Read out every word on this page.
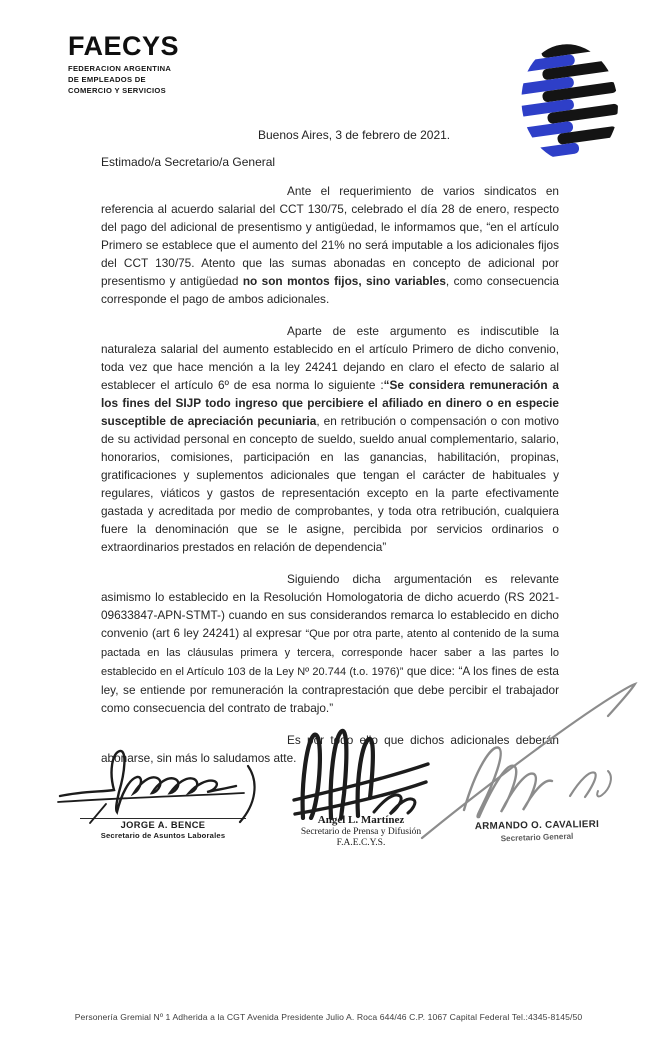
FAECYS
FEDERACION ARGENTINA
DE EMPLEADOS DE
COMERCIO Y SERVICIOS
Buenos Aires, 3 de febrero de 2021.
Estimado/a Secretario/a General

Ante el requerimiento de varios sindicatos en referencia al acuerdo salarial del CCT 130/75, celebrado el día 28 de enero, respecto del pago del adicional de presentismo y antigüedad, le informamos que, “en el artículo Primero se establece que el aumento del 21% no será imputable a los adicionales fijos del CCT 130/75. Atento que las sumas abonadas en concepto de adicional por presentismo y antigüedad no son montos fijos, sino variables, como consecuencia corresponde el pago de ambos adicionales.

Aparte de este argumento es indiscutible la naturaleza salarial del aumento establecido en el artículo Primero de dicho convenio, toda vez que hace mención a la ley 24241 dejando en claro el efecto de salario al establecer el artículo 6º de esa norma lo siguiente :“Se considera remuneración a los fines del SIJP todo ingreso que percibiere el afiliado en dinero o en especie susceptible de apreciación pecuniaria, en retribución o compensación o con motivo de su actividad personal en concepto de sueldo, sueldo anual complementario, salario, honorarios, comisiones, participación en las ganancias, habilitación, propinas, gratificaciones y suplementos adicionales que tengan el carácter de habituales y regulares, viáticos y gastos de representación excepto en la parte efectivamente gastada y acreditada por medio de comprobantes, y toda otra retribución, cualquiera fuere la denominación que se le asigne, percibida por servicios ordinarios o extraordinarios prestados en relación de dependencia”

Siguiendo dicha argumentación es relevante asimismo lo establecido en la Resolución Homologatoria de dicho acuerdo (RS 2021-09633847-APN-STMT-) cuando en sus considerandos remarca lo establecido en dicho convenio (art 6 ley 24241) al expresar “Que por otra parte, atento al contenido de la suma pactada en las cláusulas primera y tercera, corresponde hacer saber a las partes lo establecido en el Artículo 103 de la Ley Nº 20.744 (t.o. 1976)” que dice: “A los fines de esta ley, se entiende por remuneración la contraprestación que debe percibir el trabajador como consecuencia del contrato de trabajo.”

Es por todo ello que dichos adicionales deberán abonarse, sin más lo saludamos atte.

JORGE A. BENCE
Secretario de Asuntos Laborales
Angel L. Martínez
Secretario de Prensa y Difusión
F.A.E.C.Y.S.
ARMANDO O. CAVALIERI
Secretario General
Personería Gremial Nº 1 Adherida a la CGT Avenida Presidente Julio A. Roca 644/46 C.P. 1067 Capital Federal Tel.:4345-8145/50
